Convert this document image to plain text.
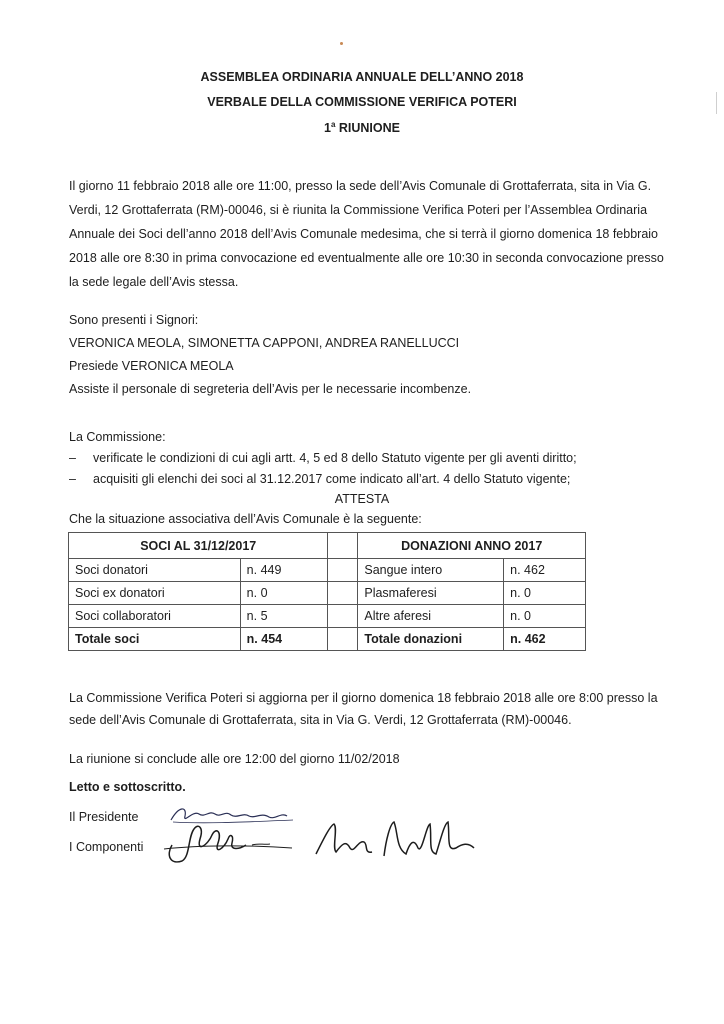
ASSEMBLEA ORDINARIA ANNUALE DELL’ANNO 2018
VERBALE DELLA COMMISSIONE VERIFICA POTERI
1$^a$ RIUNIONE
Il giorno 11 febbraio 2018 alle ore 11:00, presso la sede dell’Avis Comunale di Grottaferrata, sita in Via G.
Verdi, 12 Grottaferrata (RM)-00046, si è riunita la Commissione Verifica Poteri per l’Assemblea Ordinaria
Annuale dei Soci dell’anno 2018 dell’Avis Comunale medesima, che si terrà il giorno domenica 18 febbraio
2018 alle ore 8:30 in prima convocazione ed eventualmente alle ore 10:30 in seconda convocazione presso
la sede legale dell’Avis stessa.
Sono presenti i Signori:
VERONICA MEOLA, SIMONETTA CAPPONI, ANDREA RANELLUCCI
Presiede VERONICA MEOLA
Assiste il personale di segreteria dell’Avis per le necessarie incombenze.
La Commissione:
– verificate le condizioni di cui agli artt. 4, 5 ed 8 dello Statuto vigente per gli aventi diritto;
– acquisiti gli elenchi dei soci al 31.12.2017 come indicato all’art. 4 dello Statuto vigente;
ATTESTA
Che la situazione associativa dell’Avis Comunale è la seguente:
SOCI AL 31/12/2017			DONAZIONI ANNO 2017	
Soci donatori	n. 449		Sangue intero	n. 462
Soci ex donatori	n. 0		Plasmaferesi	n. 0
Soci collaboratori	n. 5		Altre aferesi	n. 0
Totale soci	n. 454		Totale donazioni	n. 462
La Commissione Verifica Poteri si aggiorna per il giorno domenica 18 febbraio 2018 alle ore 8:00 presso la
sede dell’Avis Comunale di Grottaferrata, sita in Via G. Verdi, 12 Grottaferrata (RM)-00046.
La riunione si conclude alle ore 12:00 del giorno 11/02/2018
Letto e sottoscritto.
Il Presidente
I Componenti
